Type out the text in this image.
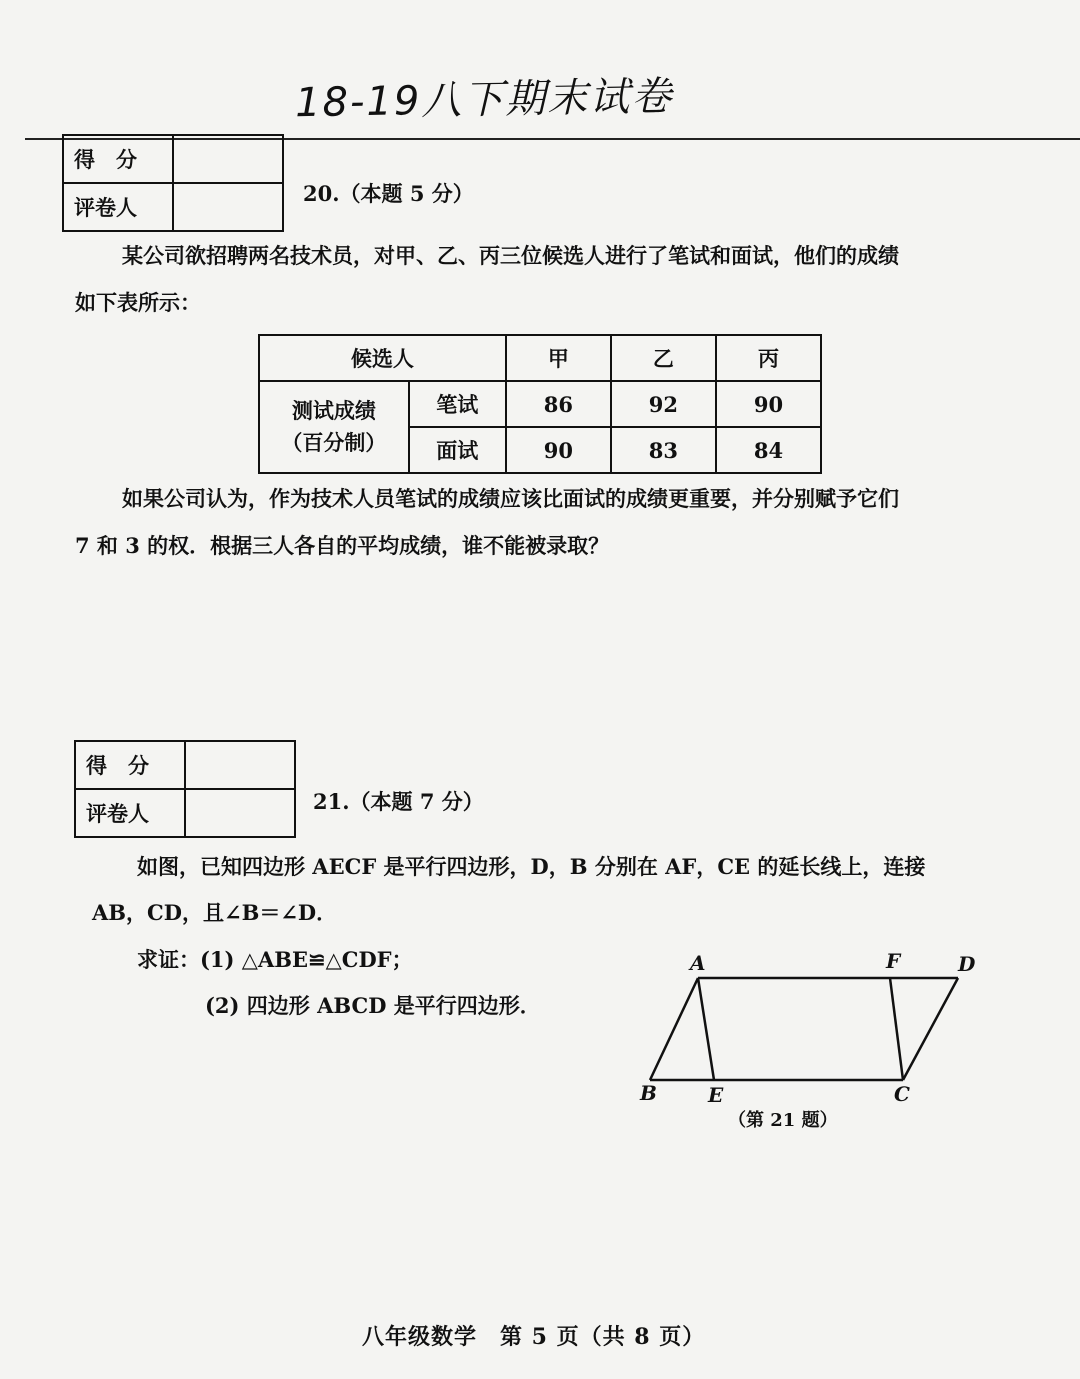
18-19八下期末试卷
得　分	
评卷人	
20.（本题 5 分）
某公司欲招聘两名技术员，对甲、乙、丙三位候选人进行了笔试和面试，他们的成绩
如下表所示：
候选人		甲	乙	丙

测试成绩
（百分制）	笔试	86	92	90
	面试	90	83	84
如果公司认为，作为技术人员笔试的成绩应该比面试的成绩更重要，并分别赋予它们
7 和 3 的权．根据三人各自的平均成绩，谁不能被录取？
得　分	
评卷人		21.（本题 7 分）
如图，已知四边形 AECF 是平行四边形，D，B 分别在 AF，CE 的延长线上，连接
AB，CD，且∠B＝∠D．
求证：(1) △ABE≌△CDF；
(2) 四边形 ABCD 是平行四边形．
A	F	D
B	E	C
（第 21 题）
八年级数学　第 5 页（共 8 页）
